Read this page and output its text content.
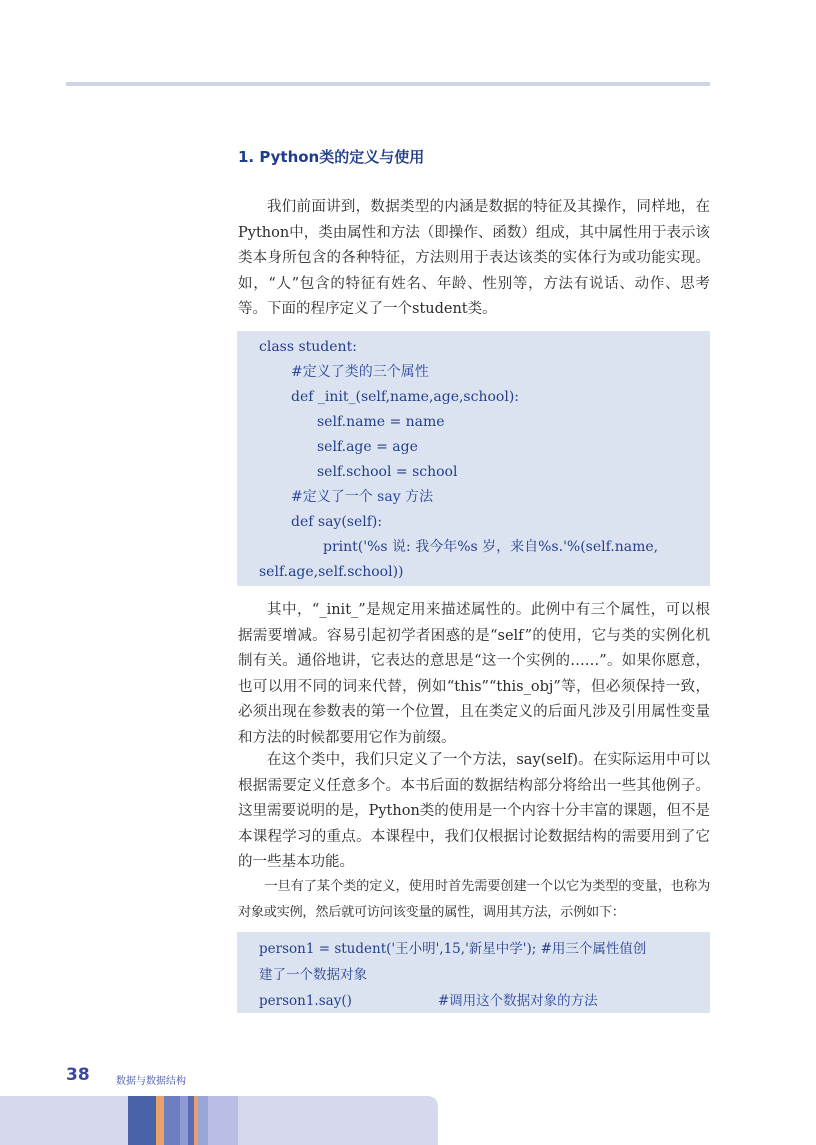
1. Python类的定义与使用

我们前面讲到，数据类型的内涵是数据的特征及其操作，同样地，在Python中，类由属性和方法（即操作、函数）组成，其中属性用于表示该类本身所包含的各种特征，方法则用于表达该类的实体行为或功能实现。如，“人”包含的特征有姓名、年龄、性别等，方法有说话、动作、思考等。下面的程序定义了一个student类。

class student:
#定义了类的三个属性
def _init_(self,name,age,school):
self.name = name
self.age = age
self.school = school
#定义了一个 say 方法
def say(self):
print('%s 说: 我今年%s 岁，来自%s.'%(self.name,
self.age,self.school))

其中，“_init_”是规定用来描述属性的。此例中有三个属性，可以根据需要增减。容易引起初学者困惑的是“self”的使用，它与类的实例化机制有关。通俗地讲，它表达的意思是“这一个实例的……”。如果你愿意，也可以用不同的词来代替，例如“this”“this_obj”等，但必须保持一致，必须出现在参数表的第一个位置，且在类定义的后面凡涉及引用属性变量和方法的时候都要用它作为前缀。

在这个类中，我们只定义了一个方法，say(self)。在实际运用中可以根据需要定义任意多个。本书后面的数据结构部分将给出一些其他例子。这里需要说明的是，Python类的使用是一个内容十分丰富的课题，但不是本课程学习的重点。本课程中，我们仅根据讨论数据结构的需要用到了它的一些基本功能。

一旦有了某个类的定义，使用时首先需要创建一个以它为类型的变量，也称为对象或实例，然后就可访问该变量的属性，调用其方法，示例如下：

person1 = student('王小明',15,'新星中学'); #用三个属性值创
建了一个数据对象
person1.say()	#调用这个数据对象的方法

38	数据与数据结构
